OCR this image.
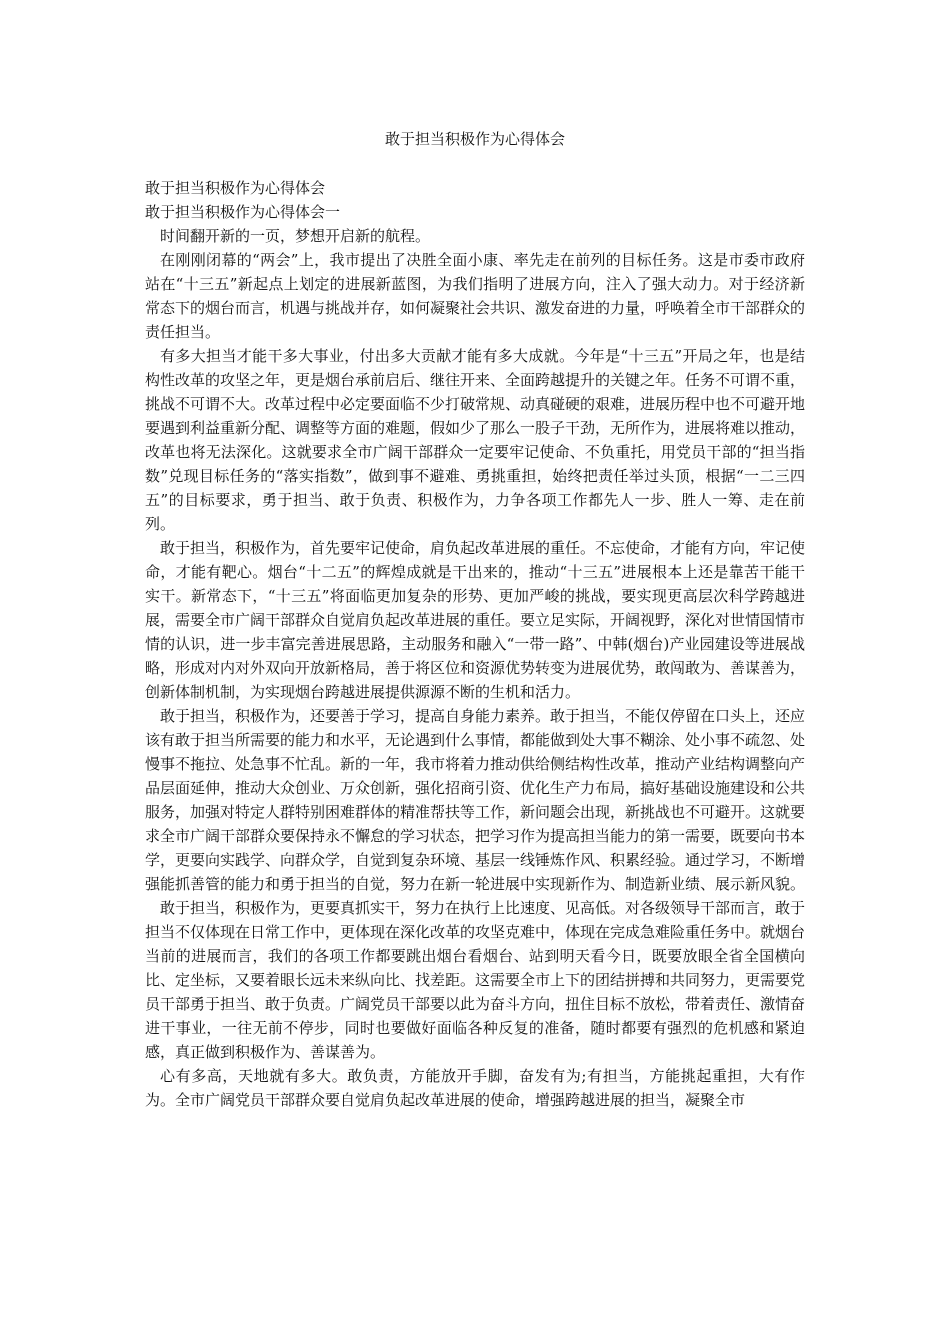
敢于担当积极作为心得体会

敢于担当积极作为心得体会

敢于担当积极作为心得体会一

时间翻开新的一页，梦想开启新的航程。

在刚刚闭幕的“两会”上，我市提出了决胜全面小康、率先走在前列的目标任务。这是市委市政府站在“十三五”新起点上划定的进展新蓝图，为我们指明了进展方向，注入了强大动力。对于经济新常态下的烟台而言，机遇与挑战并存，如何凝聚社会共识、激发奋进的力量，呼唤着全市干部群众的责任担当。

有多大担当才能干多大事业，付出多大贡献才能有多大成就。今年是“十三五”开局之年，也是结构性改革的攻坚之年，更是烟台承前启后、继往开来、全面跨越提升的关键之年。任务不可谓不重，挑战不可谓不大。改革过程中必定要面临不少打破常规、动真碰硬的艰难，进展历程中也不可避开地要遇到利益重新分配、调整等方面的难题，假如少了那么一股子干劲，无所作为，进展将难以推动，改革也将无法深化。这就要求全市广阔干部群众一定要牢记使命、不负重托，用党员干部的“担当指数”兑现目标任务的“落实指数”，做到事不避难、勇挑重担，始终把责任举过头顶，根据“一二三四五”的目标要求，勇于担当、敢于负责、积极作为，力争各项工作都先人一步、胜人一筹、走在前列。

敢于担当，积极作为，首先要牢记使命，肩负起改革进展的重任。不忘使命，才能有方向，牢记使命，才能有靶心。烟台“十二五”的辉煌成就是干出来的，推动“十三五”进展根本上还是靠苦干能干实干。新常态下，“十三五”将面临更加复杂的形势、更加严峻的挑战，要实现更高层次科学跨越进展，需要全市广阔干部群众自觉肩负起改革进展的重任。要立足实际，开阔视野，深化对世情国情市情的认识，进一步丰富完善进展思路，主动服务和融入“一带一路”、中韩(烟台)产业园建设等进展战略，形成对内对外双向开放新格局，善于将区位和资源优势转变为进展优势，敢闯敢为、善谋善为，创新体制机制，为实现烟台跨越进展提供源源不断的生机和活力。

敢于担当，积极作为，还要善于学习，提高自身能力素养。敢于担当，不能仅停留在口头上，还应该有敢于担当所需要的能力和水平，无论遇到什么事情，都能做到处大事不糊涂、处小事不疏忽、处慢事不拖拉、处急事不忙乱。新的一年，我市将着力推动供给侧结构性改革，推动产业结构调整向产品层面延伸，推动大众创业、万众创新，强化招商引资、优化生产力布局，搞好基础设施建设和公共服务，加强对特定人群特别困难群体的精准帮扶等工作，新问题会出现，新挑战也不可避开。这就要求全市广阔干部群众要保持永不懈怠的学习状态，把学习作为提高担当能力的第一需要，既要向书本学，更要向实践学、向群众学，自觉到复杂环境、基层一线锤炼作风、积累经验。通过学习，不断增强能抓善管的能力和勇于担当的自觉，努力在新一轮进展中实现新作为、制造新业绩、展示新风貌。

敢于担当，积极作为，更要真抓实干，努力在执行上比速度、见高低。对各级领导干部而言，敢于担当不仅体现在日常工作中，更体现在深化改革的攻坚克难中，体现在完成急难险重任务中。就烟台当前的进展而言，我们的各项工作都要跳出烟台看烟台、站到明天看今日，既要放眼全省全国横向比、定坐标，又要着眼长远未来纵向比、找差距。这需要全市上下的团结拼搏和共同努力，更需要党员干部勇于担当、敢于负责。广阔党员干部要以此为奋斗方向，扭住目标不放松，带着责任、激情奋进干事业，一往无前不停步，同时也要做好面临各种反复的准备，随时都要有强烈的危机感和紧迫感，真正做到积极作为、善谋善为。

心有多高，天地就有多大。敢负责，方能放开手脚，奋发有为;有担当，方能挑起重担，大有作为。全市广阔党员干部群众要自觉肩负起改革进展的使命，增强跨越进展的担当，凝聚全市
